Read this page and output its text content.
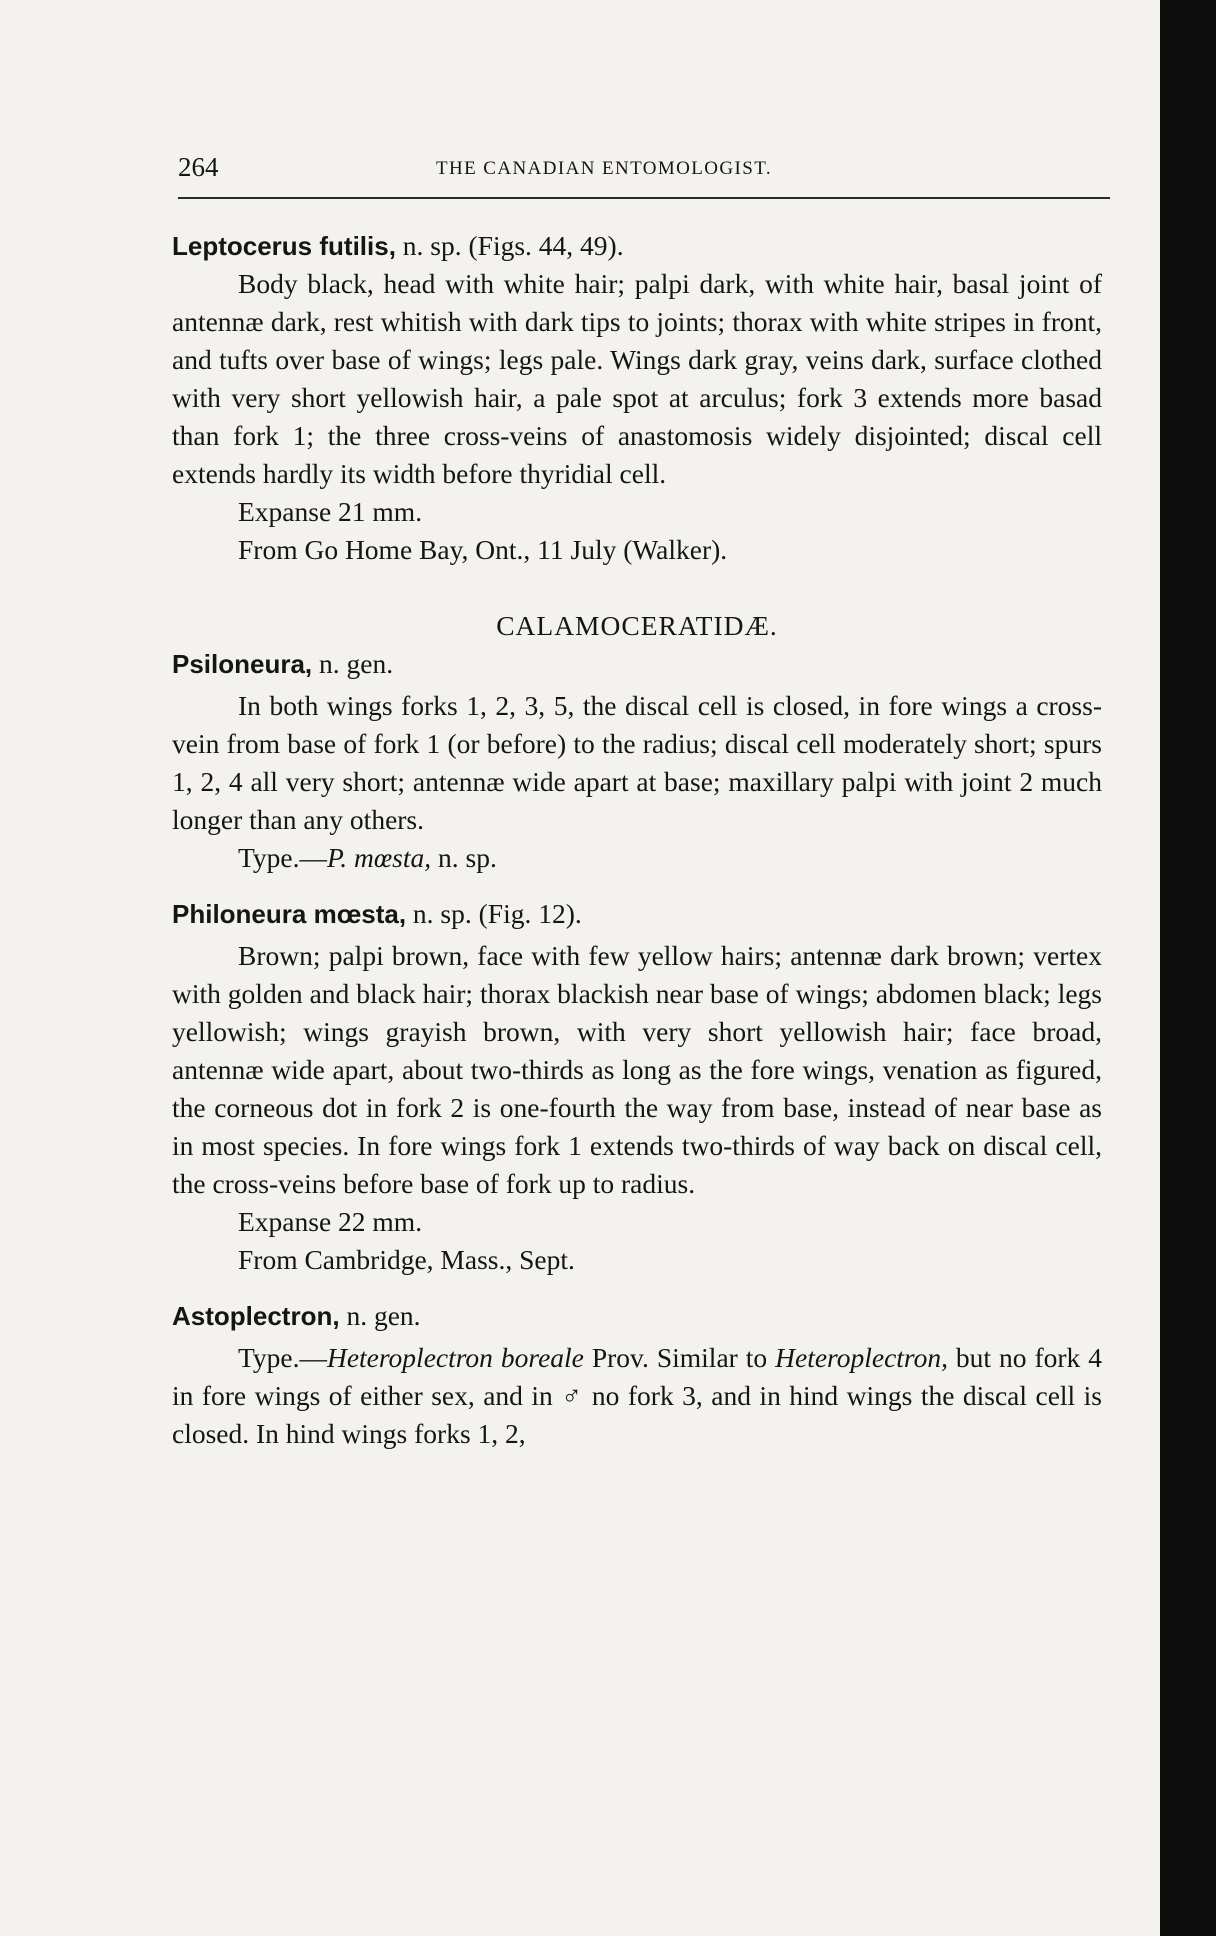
264	THE CANADIAN ENTOMOLOGIST.

Leptocerus futilis, n. sp. (Figs. 44, 49).

Body black, head with white hair; palpi dark, with white hair, basal joint of antennæ dark, rest whitish with dark tips to joints; thorax with white stripes in front, and tufts over base of wings; legs pale. Wings dark gray, veins dark, surface clothed with very short yellowish hair, a pale spot at arculus; fork 3 extends more basad than fork 1; the three cross-veins of anastomosis widely disjointed; discal cell extends hardly its width before thyridial cell.

Expanse 21 mm.

From Go Home Bay, Ont., 11 July (Walker).

CALAMOCERATIDÆ.

Psiloneura, n. gen.

In both wings forks 1, 2, 3, 5, the discal cell is closed, in fore wings a cross-vein from base of fork 1 (or before) to the radius; discal cell moderately short; spurs 1, 2, 4 all very short; antennæ wide apart at base; maxillary palpi with joint 2 much longer than any others.

Type.—P. mœsta, n. sp.

Philoneura mœsta, n. sp. (Fig. 12).

Brown; palpi brown, face with few yellow hairs; antennæ dark brown; vertex with golden and black hair; thorax blackish near base of wings; abdomen black; legs yellowish; wings grayish brown, with very short yellowish hair; face broad, antennæ wide apart, about two-thirds as long as the fore wings, venation as figured, the corneous dot in fork 2 is one-fourth the way from base, instead of near base as in most species. In fore wings fork 1 extends two-thirds of way back on discal cell, the cross-veins before base of fork up to radius.

Expanse 22 mm.

From Cambridge, Mass., Sept.

Astoplectron, n. gen.

Type.—Heteroplectron boreale Prov. Similar to Heteroplectron, but no fork 4 in fore wings of either sex, and in ♂ no fork 3, and in hind wings the discal cell is closed. In hind wings forks 1, 2,
